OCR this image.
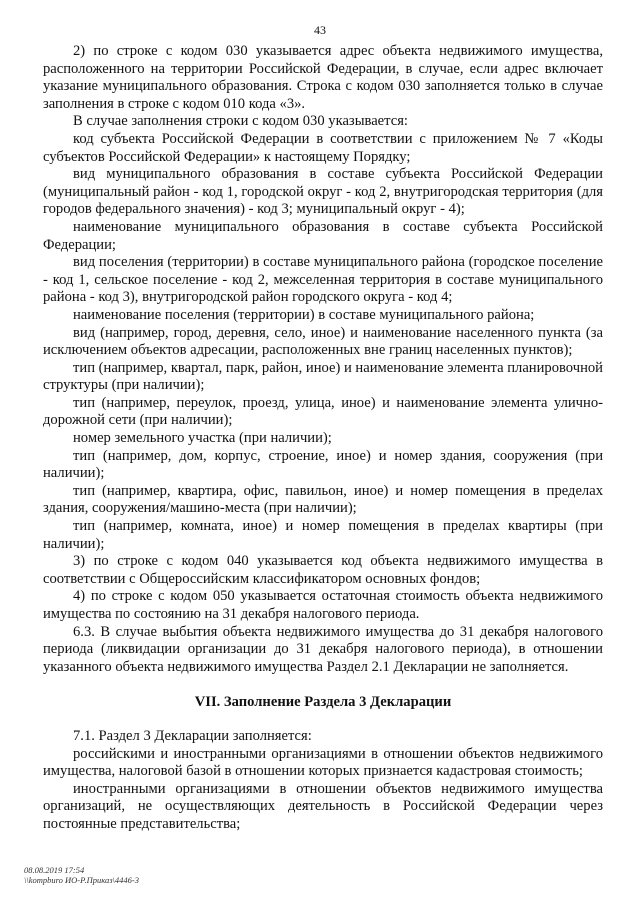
43

2) по строке с кодом 030 указывается адрес объекта недвижимого имущества, расположенного на территории Российской Федерации, в случае, если адрес включает указание муниципального образования. Строка с кодом 030 заполняется только в случае заполнения в строке с кодом 010 кода «3».

В случае заполнения строки с кодом 030 указывается:

код субъекта Российской Федерации в соответствии с приложением № 7 «Коды субъектов Российской Федерации» к настоящему Порядку;

вид муниципального образования в составе субъекта Российской Федерации (муниципальный район - код 1, городской округ - код 2, внутригородская территория (для городов федерального значения) - код 3; муниципальный округ - 4);

наименование муниципального образования в составе субъекта Российской Федерации;

вид поселения (территории) в составе муниципального района (городское поселение - код 1, сельское поселение - код 2, межселенная территория в составе муниципального района - код 3), внутригородской район городского округа - код 4;

наименование поселения (территории) в составе муниципального района;

вид (например, город, деревня, село, иное) и наименование населенного пункта (за исключением объектов адресации, расположенных вне границ населенных пунктов);

тип (например, квартал, парк, район, иное) и наименование элемента планировочной структуры (при наличии);

тип (например, переулок, проезд, улица, иное) и наименование элемента улично-дорожной сети (при наличии);

номер земельного участка (при наличии);

тип (например, дом, корпус, строение, иное) и номер здания, сооружения (при наличии);

тип (например, квартира, офис, павильон, иное) и номер помещения в пределах здания, сооружения/машино-места (при наличии);

тип (например, комната, иное) и номер помещения в пределах квартиры (при наличии);

3) по строке с кодом 040 указывается код объекта недвижимого имущества в соответствии с Общероссийским классификатором основных фондов;

4) по строке с кодом 050 указывается остаточная стоимость объекта недвижимого имущества по состоянию на 31 декабря налогового периода.

6.3. В случае выбытия объекта недвижимого имущества до 31 декабря налогового периода (ликвидации организации до 31 декабря налогового периода), в отношении указанного объекта недвижимого имущества Раздел 2.1 Декларации не заполняется.

VII. Заполнение Раздела 3 Декларации

7.1. Раздел 3 Декларации заполняется:

российскими и иностранными организациями в отношении объектов недвижимого имущества, налоговой базой в отношении которых признается кадастровая стоимость;

иностранными организациями в отношении объектов недвижимого имущества организаций, не осуществляющих деятельность в Российской Федерации через постоянные представительства;

08.08.2019 17:54
\\kompburo ИО-Р.Приказ\4446-3
